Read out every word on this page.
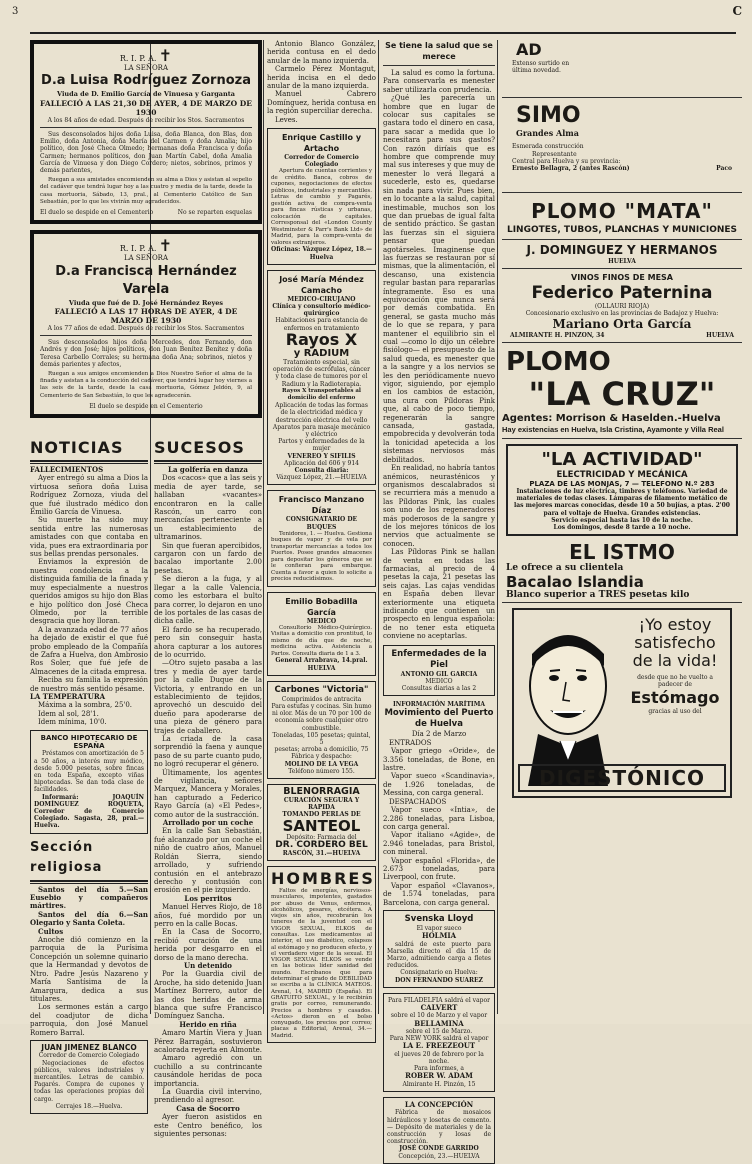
3	C
R. I. P. A. ✝
LA SEÑORA
D.a Luisa Rodríguez Zornoza
Viuda de D. Emilio García de Vinuesa y Garganta
FALLECIÓ A LAS 21,30 DE AYER, 4 DE MARZO DE 1930
A los 84 años de edad. Después de recibir los Stos. Sacramentos

Sus desconsolados hijos doña Luisa, doña Blanca, don Blas, don Emilio, doña Antonia, doña María del Carmen y doña Amalia; hijo político, don José Checa Olmedo; hermanas doña Francisca y doña Carmen; hermanos políticos, don Juan Martín Cabel, doña Amalia García de Vinuesa y don Diego Cordero; nietos, sobrinos, primos y demás parientes,

Ruegan a sus amistades encomienden su alma a Dios y asistan al sepelio del cadáver que tendrá lugar hoy a las cuatro y media de la tarde, desde la casa mortuoria, Sábado, 13, pral., al Cementerio Católico de San Sebastián, por lo que les vivirán muy agradecidos.

El duelo se despide en el Cementerio	No se reparten esquelas
R. I. P. A. ✝
LA SEÑORA
D.a Francisca Hernández Varela
Viuda que fué de D. José Hernández Reyes
FALLECIÓ A LAS 17 HORAS DE AYER, 4 DE MARZO DE 1930
A los 77 años de edad. Después de recibir los Stos. Sacramentos

Sus desconsolados hijos doña Mercedes, don Fernando, don Andrés y don José; hijos políticos, don Juan Benítez Benítez y doña Teresa Carbello Corrales; su hermana doña Ana; sobrinos, nietos y demás parientes y afectos,

Ruegan a sus amigos encomienden a Dios Nuestro Señor el alma de la finada y asistan a la conducción del cadáver, que tendrá lugar hoy viernes a las seis de la tarde, desde la casa mortuoria, Gómez Jeldón, 9, al Cementerio de San Sebastián, lo que les agradecerán.

El duelo se despide en el Cementerio
NOTICIAS
FALLECIMIENTOS

Ayer entregó su alma a Dios la virtuosa señora doña Luisa Rodríguez Zornoza, viuda del que fué ilustrado médico don Emilio García de Vinuesa.

Su muerte ha sido muy sentida entre las numerosas amistades con que contaba en vida, pues era extraordinaria por sus bellas prendas personales.

Enviamos la expresión de nuestra condolencia a la distinguida familia de la finada y muy especialmente a nuestros queridos amigos su hijo don Blas e hijo político don José Checa Olmedo, por la terrible desgracia que hoy lloran.

A la avanzada edad de 77 años ha dejado de existir el que fué probo empleado de la Compañía de Zafra a Huelva, don Ambrosio Ros Soler, que fué jefe de Almacenes de la citada empresa.

Reciba su familia la expresión de nuestro más sentido pésame.

LA TEMPERATURA
Máxima a la sombra, 25'0.
Idem al sol, 28'1.
Idem mínima, 10'0.
BANCO HIPOTECARIO DE ESPAÑA

Préstamos con amortización de 5 a 50 años, a interés muy módico, desde 5.000 pesetas, sobre fincas en toda España, excepto viñas hipotecadas. Se dan toda clase de facilidades.

Informará: JOAQUÍN DOMÍNGUEZ ROQUETA, Corredor de Comercio Colegiado. Sagasta, 28, pral.—Huelva.

Sección religiosa

Santos del día 5.—San Eusebio y compañeros mártires.

Santos del día 6.—San Olegario y Santa Coleta.

Cultos

Anoche dió comienzo en la parroquia de la Purísima Concepción un solemne quinario que la Hermandad y devotos de Ntro. Padre Jesús Nazareno y María Santísima de la Amargura, dedica a sus titulares.

Los sermones están a cargo del coadjutor de dicha parroquia, don José Manuel Romero Barral.

JUAN JIMENEZ BLANCO
Corredor de Comercio Colegiado

Negociaciones de efectos públicos, valores industriales y mercantiles. Letras de cambio. Pagarés. Compra de cupones y todas las operaciones propias del cargo.

Cerrajes 18.—Huelva.
SUCESOS
La golfería en danza

Dos «cacos» que a las seis y media de ayer tarde, se hallaban «vacantes» encontraron en la calle Rascón, un carro con mercancías perteneciente a un establecimiento de ultramarinos.

Sin que fueran apercibidos, cargaron con un fardo de bacalao importante 2.00 pesetas.

Se dieron a la fuga, y al llegar a la calle Valencia, como les estorbara el bulto para correr, lo dejaron en uno de los portales de las casas de dicha calle.

El fardo se ha recuperado, pero sin conseguir hasta ahora capturar a los autores de lo ocurrido.

—Otro sujeto pasaba a las tres y media de ayer tarde por la calle Duque de la Victoria, y entrando en un establecimiento de tejidos, aprovechó un descuido del dueño para apoderarse de una pieza de género para trajes de caballero.

La criada de la casa sorprendió la faena y aunque paso de su parte cuanto pudo, no logró recuperar el género.

Últimamente, los agentes de vigilancia, señores Marquez, Mancera y Morales, han capturado a Federico Rayo García (a) «El Pedes», como autor de la sustracción.

Arrollado por un coche

En la calle San Sebastián, fué alcanzado por un coche el niño de cuatro años, Manuel Roldán Sierra, siendo arrollado, y sufriendo contusión en el antebrazo derecho y contusión con erosión en el pie izquierdo.

Los perritos

Manuel Herves Riojo, de 18 años, fué mordido por un perro en la calle Bocas.

En la Casa de Socorro, recibió curación de una herida por desgarro en el dorso de la mano derecha.

Un detenido

Por la Guardia civil de Aroche, ha sido detenido Juan Martínez Borrero, autor de las dos heridas de arma blanca que sufre Francisco Domínguez Sancha.

Herido en riña

Amaro Martín Viera y Juan Pérez Barragán, sostuvieron acalorada reyerta en Almonte.

Amaro agredió con un cuchillo a su contrincante causándole heridas de poca importancia.

La Guardia civil intervino, prendiendo al agresor.

Casa de Socorro

Ayer fueron asistidos en este Centro benéfico, los siguientes personas:

Antonio Blanco González, herida contusa en el dedo anular de la mano izquierda.

Carmelo Pérez Montagut, herida incisa en el dedo anular de la mano izquierda.

Manuel Cabrero Domínguez, herida contusa en la región superciliar derecha.

Leves.

Enrique Castillo y Artacho
Corredor de Comercio Colegiado

Apertura de cuentas corrientes y de crédito. Banca, cobros de cupones, negociaciones de efectos públicos, industriales y mercantiles. Letras de cambio y Pagarés, gestión activa de compra-venta para fincas rústicas y urbanas, colocación de capitales. Corresponsal del «London County Westminster & Parr's Bank Ltd» de Madrid, para la compra-venta de valores extranjeros.

Oficinas: Vázquez López, 18.—Huelva
José María Méndez Camacho
MEDICO-CIRUJANO
Clínica y consultorio médico-quirúrgico
Habitaciones para estancia de enfermos en tratamiento
Rayos X
y RADIUM
Tratamiento especial, sin operación de escrófulas, cáncer y toda clase de tumores por el Radium y la Radioterapia.
Rayos X transportables al domicilio del enfermo
Aplicación de todas las formas de la electricidad médica y destrucción eléctrica del vello
Aparatos para masaje mecánico y eléctrico
Partos y enfermedades de la mujer
VENEREO Y SIFILIS
Aplicación del 606 y 914
Consulta diaria:
Vázquez López, 21.—HUELVA
Francisco Manzano Díaz
CONSIGNATARIO DE BUQUES

Tenidores, 1. — Huelva. Gestiona buques de vapor y de vela por transportar mercancías a todos los Puertos. Posee grandes almacenes para depositar los géneros que se le confieran para embarque. Cuenta a favor a quien lo solicite a precios reducidísimos.

Emilio Bobadilla García
MEDICO

Consultorio Médico-Quirúrgico. Visitas a domicilio con prontitud, lo mismo de día que de noche, medicina activa. Asistencia a Partos. Consulta diaria de 1 a 3.

General Arrabrava, 14.pral. HUELVA
Carbones "Victoria"
Comprimidos de antracita
Para estufas y cocinas. Sin humo ni olor. Más de un 70 por 100 de economía sobre cualquier otro combustible.
Toneladas, 105 pesetas; quintal, 5
pesetas; arroba a domicilio, 75
Fábrica y despacho:
MOLINO DE LA VEGA
Teléfono número 155.
BLENORRAGIA
CURACIÓN SEGURA Y RAPIDA
TOMANDO PERLAS DE
SANTEOL
Depósito: Farmacia del
DR. CORDERO BEL
RASCÓN, 31.—HUELVA
HOMBRES

Faltos de energías, nerviosos-musculares, impotentes, gastados por abuso de Venus, enfermos, alcohólicos, pesares, etcétera. A viejos sin años, recobrarán los tuneres de la juventud con el VIGOR SEXUAL, ELKOS de consultas. Los medicamentos al interior, el uso diabético, colapsos al estómago y no producen efecto, y el verdadero vigor de la sexual. El VIGOR SEXUAL ELKOS se vende en las boticas líder sanidad del mundo. Escríbanos que para determinar el grado de DEBILIDAD se escriba a la CLÍNICA MATEOS. Arenal, 14, MADRID (España). El GRATUITO SEXUAL, y le recibirán gratis por correo, remunerando. Precios a hombres y casados. «Actos» dieron en el bolso conyugado, los precios por correo; placas a Editorial, Arenal, 34.—Madrid.

Se tiene la salud que se merece

La salud es como la fortuna. Para conservarla es menester saber utilizarla con prudencia.

¿Qué les parecería un hombre que en lugar de colocar sus capitales se gastara todo el dinero en casa, para sacar a medida que lo necesitara para sus gastos? Con razón diríais que es hombre que comprende muy mal sus intereses y que muy de menester lo verá llegará a sucederle, esto es, quedarse sin nada para vivir. Pues bien, en lo tocante a la salud, capital inestimable, muchos son los que dan pruebas de igual falta de sentido práctico. Se gastan las fuerzas sin el siguiera pensar que puedan agotárseles. Imaginense que las fuerzas se restauran por sí mismas, que la alimentación, el descanso, una existencia regular bastan para repararlas íntegramente. Eso es una equivocación que nunca será por demás combatida. En general, se gasta mucho más de lo que se repara, y para mantener el equilibrio sin el cual —como lo dijo un célebre fisiólogo— el presupuesto de la salud queda, es menester que a la sangre y a los nervios se les den periódicamente nuevo vigor, siguiendo, por ejemplo en los cambios de estación, una cura con Píldoras Pink que, al cabo de poco tiempo, regenerarán la sangre cansada, gastada, empobrecida y devolverán toda la tonicidad apetecida a los sistemas nerviosos más debilitados.

En realidad, no habría tantos anémicos, neurasténicos y organismos descalabrados si se recurriera más a menudo a las Píldoras Pink, las cuales son uno de los regeneradores más poderosos de la sangre y de los mejores tónicos de los nervios que actualmente se conocen.

Las Píldoras Pink se hallan de venta en todas las farmacias, al precio de 4 pesetas la caja, 21 pesetas las seis cajas. Las cajas vendidas en España deben llevar exteriormente una etiqueta indicando que contienen un prospecto en lengua española: de no tener esta etiqueta conviene no aceptarlas.

Enfermedades de la Piel
ANTONIO GIL GARCIA
MEDICO
Consultas diarias a las 2
INFORMACIÓN MARÍTIMA
Movimiento del Puerto de Huelva
Día 2 de Marzo
ENTRADOS

Vapor griego «Oride», de 3.356 toneladas, de Bone, en lastre.

Vapor sueco «Scandinavia», de 1.926 toneladas, de Messina, con carga general.

DESPACHADOS

Vapor sueco «Intia», de 2.286 toneladas, para Lisboa, con carga general.

Vapor italiano «Agide», de 2.946 toneladas, para Bristol, con mineral.

Vapor español «Florida», de 2.673 toneladas, para Liverpool, con frute.

Vapor español «Clavanos», de 1.574 toneladas, para Barcelona, con carga general.

Svenska Lloyd
El vapor sueco
HOLMIA

saldrá de este puerto para Marsella directo el día 15 de Marzo, admitiendo carga a fletes reducidos.

Consignatario en Huelva:
DON FERNANDO SUAREZ
Para FILADELFIA saldrá el vapor
CALVERT
sobre el 10 de Marzo y el vapor
BELLAMINA
sobre el 15 de Marzo.
Para NEW YORK saldrá el vapor
LA E. FREEZEOUT
el jueves 20 de febrero por la noche.
Para informes, a
ROBER W. ADAM
Almirante H. Pinzón, 15
LA CONCEPCIÓN

Fábrica de mosaicos hidráulicos y losetas de cemento. — Depósito de materiales y de la construcción y losas de construcción.

JOSÉ CONDE GARRIDO
Concepción, 23.—HUELVA
AD
Extenso surtido en última novedad.
SIMO
Grandes Alma
Esmerada construcción
Representante
Central para Huelva y su provincia:
Ernesto Bellagra, 2 (antes Rascón)	Paco
PLOMO "MATA"
LINGOTES, TUBOS, PLANCHAS Y MUNICIONES
J. DOMINGUEZ Y HERMANOS
HUELVA
VINOS FINOS DE MESA
Federico Paternina
(OLLAURI RIOJA)
Concesionario exclusivo en las provincias de Badajoz y Huelva:
Mariano Orta García
ALMIRANTE H. PINZON, 34	HUELVA
PLOMO
"LA CRUZ"
Agentes: Morrison & Haselden.-Huelva
Hay existencias en Huelva, Isla Cristina, Ayamonte y Villa Real
"LA ACTIVIDAD"
ELECTRICIDAD Y MECÁNICA
PLAZA DE LAS MONJAS, 7 — TELEFONO N.º 283

Instalaciones de luz eléctrica, timbres y teléfonos. Variedad de materiales de todas clases. Lámparas de filamento metálico de las mejores marcas conocidas, desde 10 a 50 bujías, a ptas. 2'00 para el voltaje de Huelva. Grandes existencias.

Servicio especial hasta las 10 de la noche.
Los domingos, desde 8 tarde a 10 noche.
EL ISTMO
Le ofrece a su clientela
Bacalao Islandia
Blanco superior a TRES pesetas kilo
¡Yo estoy
satisfecho
de la vida!
desde que no he vuelto a padecer de
Estómago
gracias al uso del
DIGESTÓNICO
